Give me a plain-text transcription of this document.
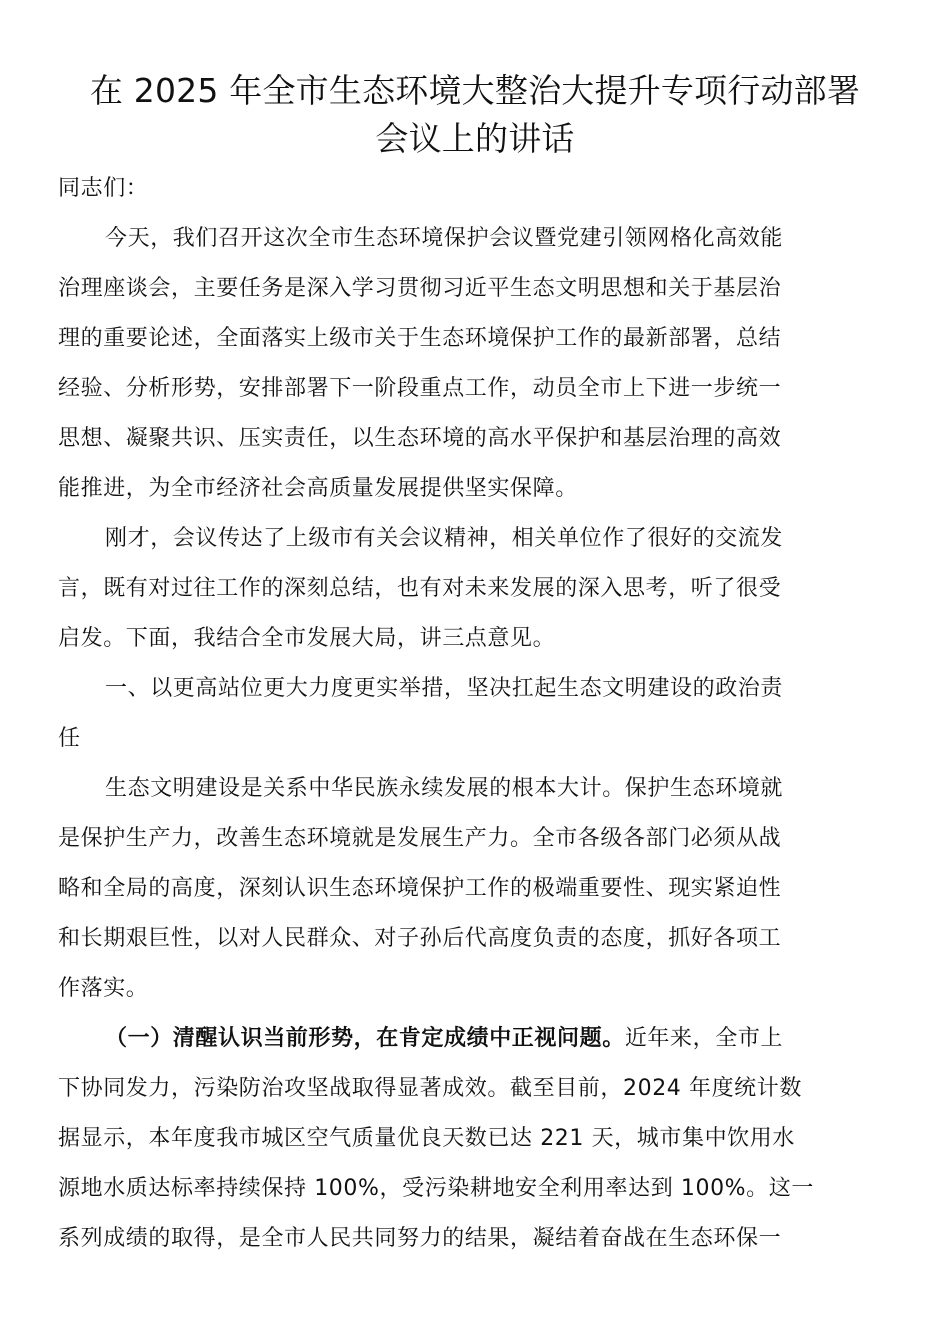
在 2025 年全市生态环境大整治大提升专项行动部署
会议上的讲话
同志们：
今天，我们召开这次全市生态环境保护会议暨党建引领网格化高效能
治理座谈会，主要任务是深入学习贯彻习近平生态文明思想和关于基层治
理的重要论述，全面落实上级市关于生态环境保护工作的最新部署，总结
经验、分析形势，安排部署下一阶段重点工作，动员全市上下进一步统一
思想、凝聚共识、压实责任，以生态环境的高水平保护和基层治理的高效
能推进，为全市经济社会高质量发展提供坚实保障。
刚才，会议传达了上级市有关会议精神，相关单位作了很好的交流发
言，既有对过往工作的深刻总结，也有对未来发展的深入思考，听了很受
启发。下面，我结合全市发展大局，讲三点意见。
一、以更高站位更大力度更实举措，坚决扛起生态文明建设的政治责
任
生态文明建设是关系中华民族永续发展的根本大计。保护生态环境就
是保护生产力，改善生态环境就是发展生产力。全市各级各部门必须从战
略和全局的高度，深刻认识生态环境保护工作的极端重要性、现实紧迫性
和长期艰巨性，以对人民群众、对子孙后代高度负责的态度，抓好各项工
作落实。
（一）清醒认识当前形势，在肯定成绩中正视问题。近年来，全市上
下协同发力，污染防治攻坚战取得显著成效。截至目前，2024 年度统计数
据显示，本年度我市城区空气质量优良天数已达 221 天，城市集中饮用水
源地水质达标率持续保持 100%，受污染耕地安全利用率达到 100%。这一
系列成绩的取得，是全市人民共同努力的结果，凝结着奋战在生态环保一
